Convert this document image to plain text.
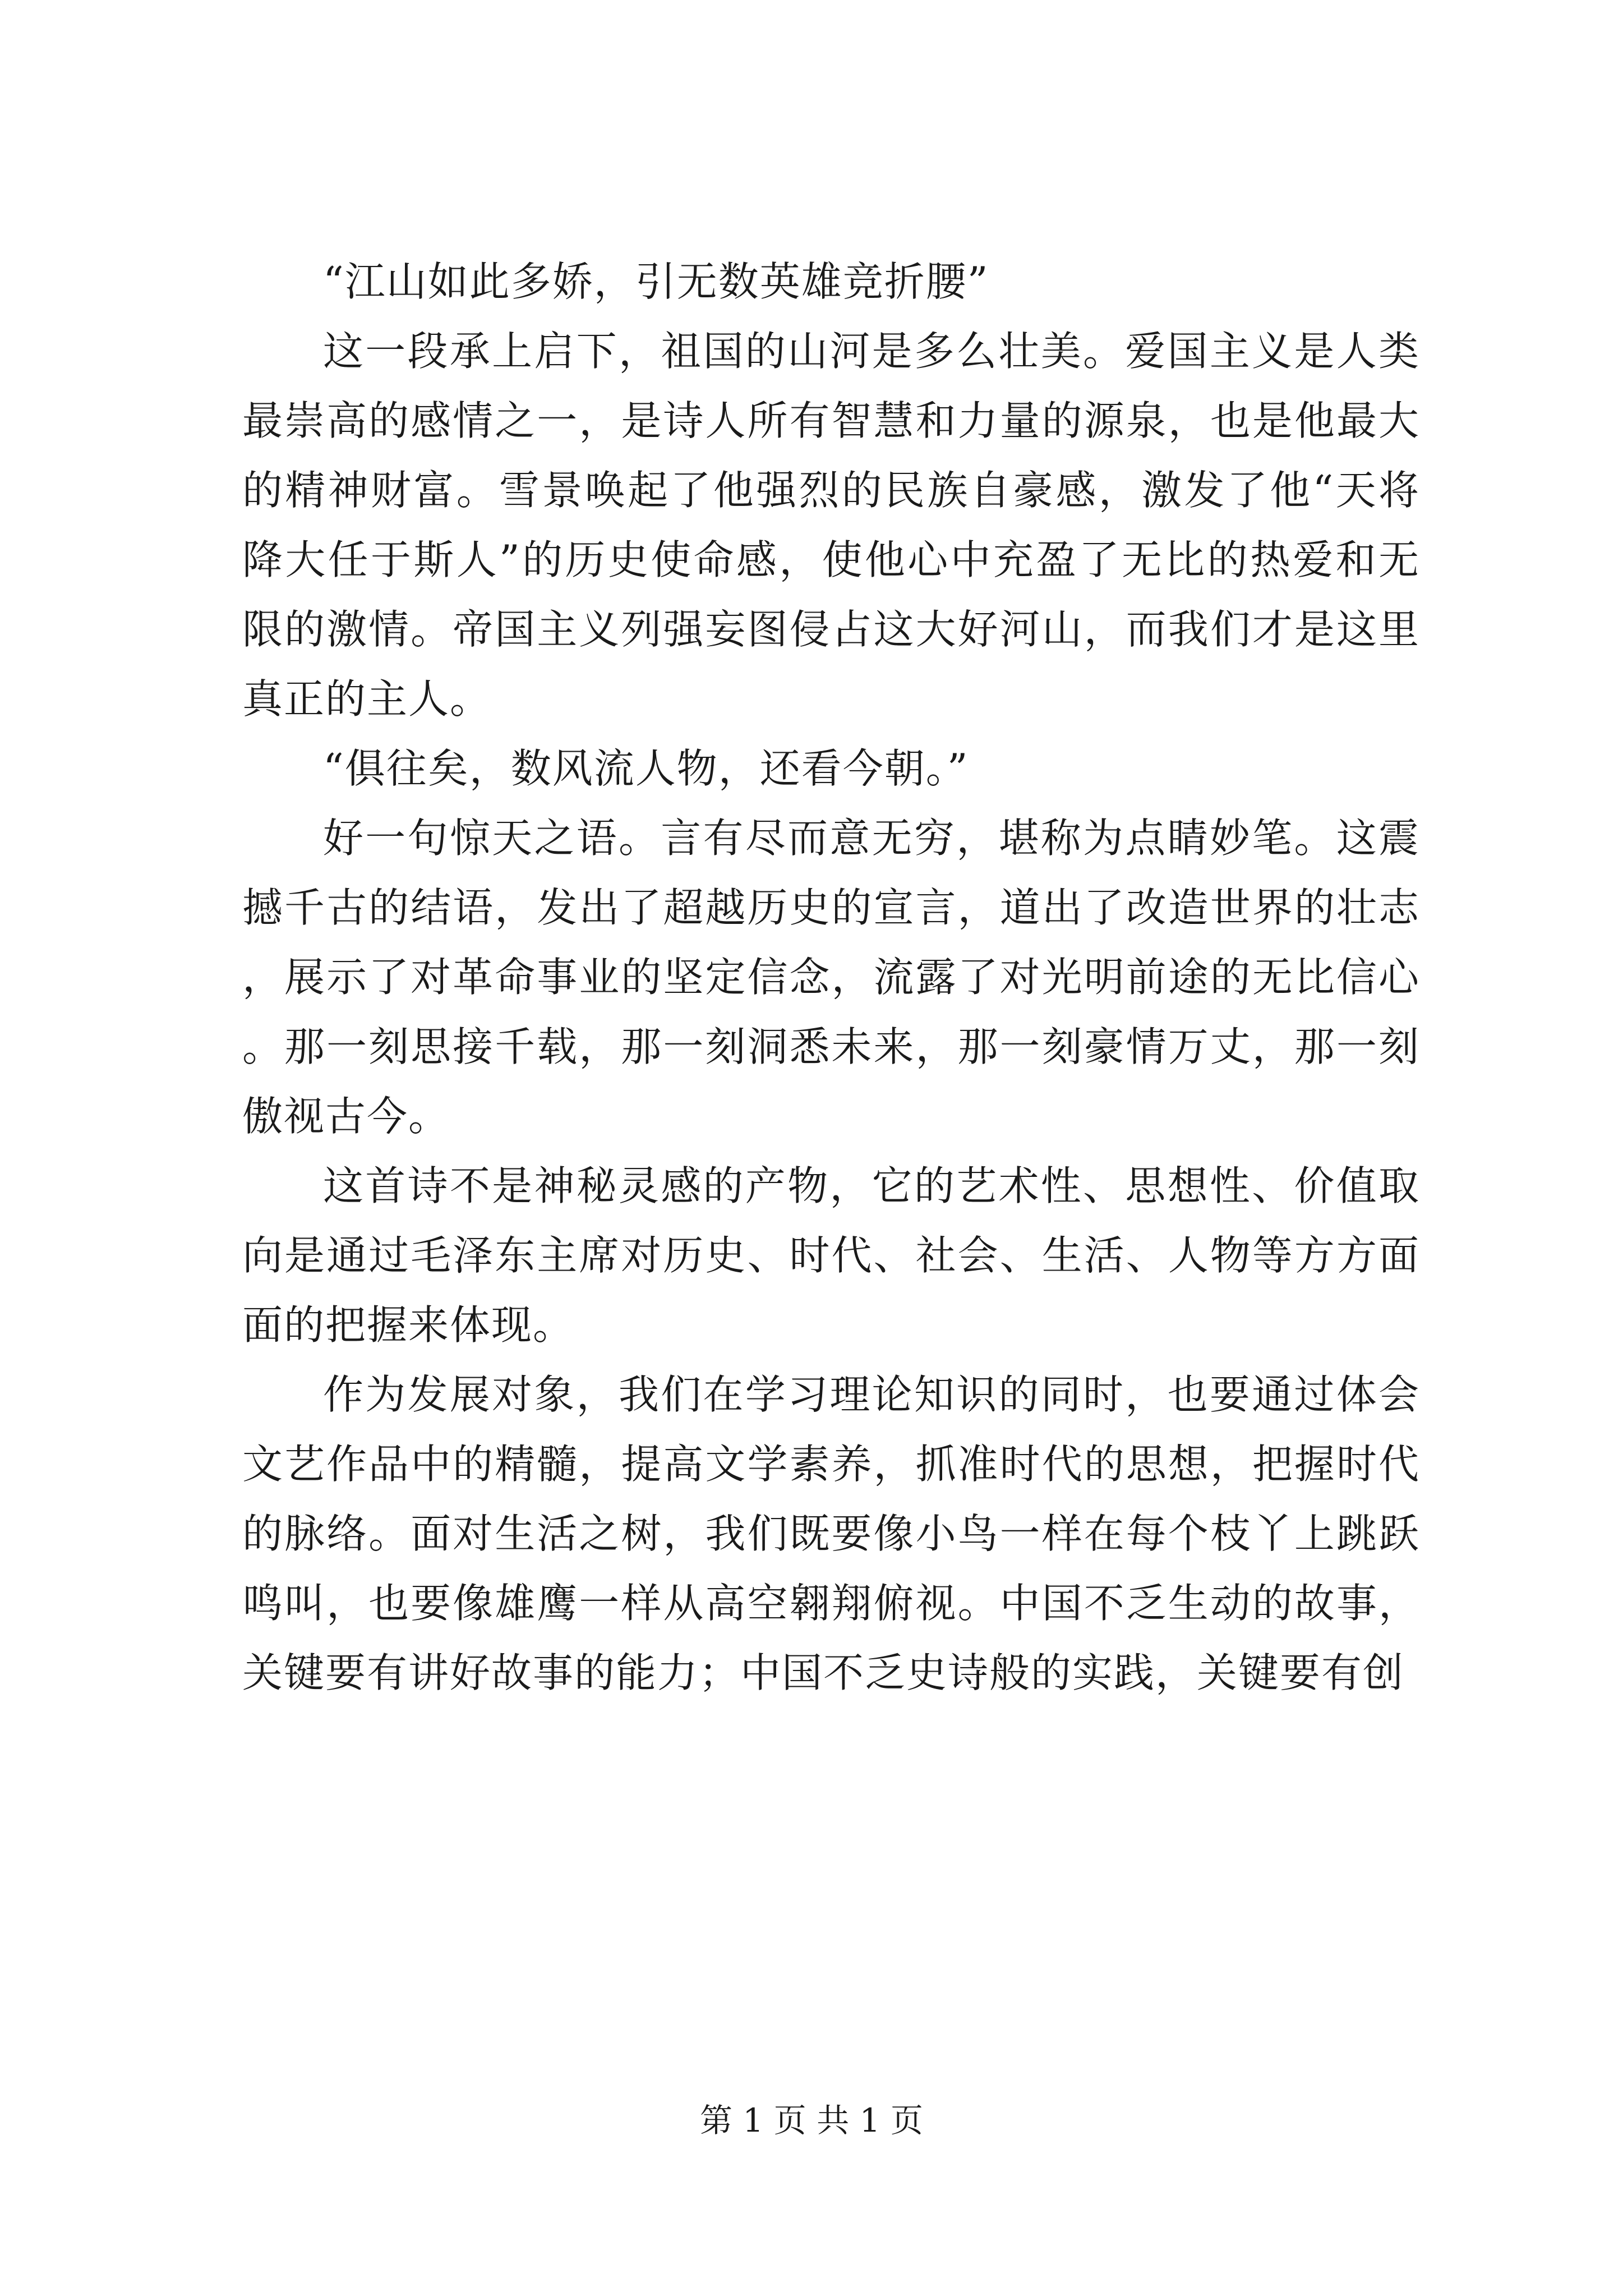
“江山如此多娇，引无数英雄竞折腰”

这一段承上启下，祖国的山河是多么壮美。爱国主义是人类最崇高的感情之一，是诗人所有智慧和力量的源泉，也是他最大的精神财富。雪景唤起了他强烈的民族自豪感，激发了他“天将降大任于斯人”的历史使命感，使他心中充盈了无比的热爱和无限的激情。帝国主义列强妄图侵占这大好河山，而我们才是这里真正的主人。

“俱往矣，数风流人物，还看今朝。”

好一句惊天之语。言有尽而意无穷，堪称为点睛妙笔。这震撼千古的结语，发出了超越历史的宣言，道出了改造世界的壮志，展示了对革命事业的坚定信念，流露了对光明前途的无比信心。那一刻思接千载，那一刻洞悉未来，那一刻豪情万丈，那一刻傲视古今。

这首诗不是神秘灵感的产物，它的艺术性、思想性、价值取向是通过毛泽东主席对历史、时代、社会、生活、人物等方方面面的把握来体现。

作为发展对象，我们在学习理论知识的同时，也要通过体会文艺作品中的精髓，提高文学素养，抓准时代的思想，把握时代的脉络。面对生活之树，我们既要像小鸟一样在每个枝丫上跳跃鸣叫，也要像雄鹰一样从高空翱翔俯视。中国不乏生动的故事，关键要有讲好故事的能力；中国不乏史诗般的实践，关键要有创

第 1 页 共 1 页
